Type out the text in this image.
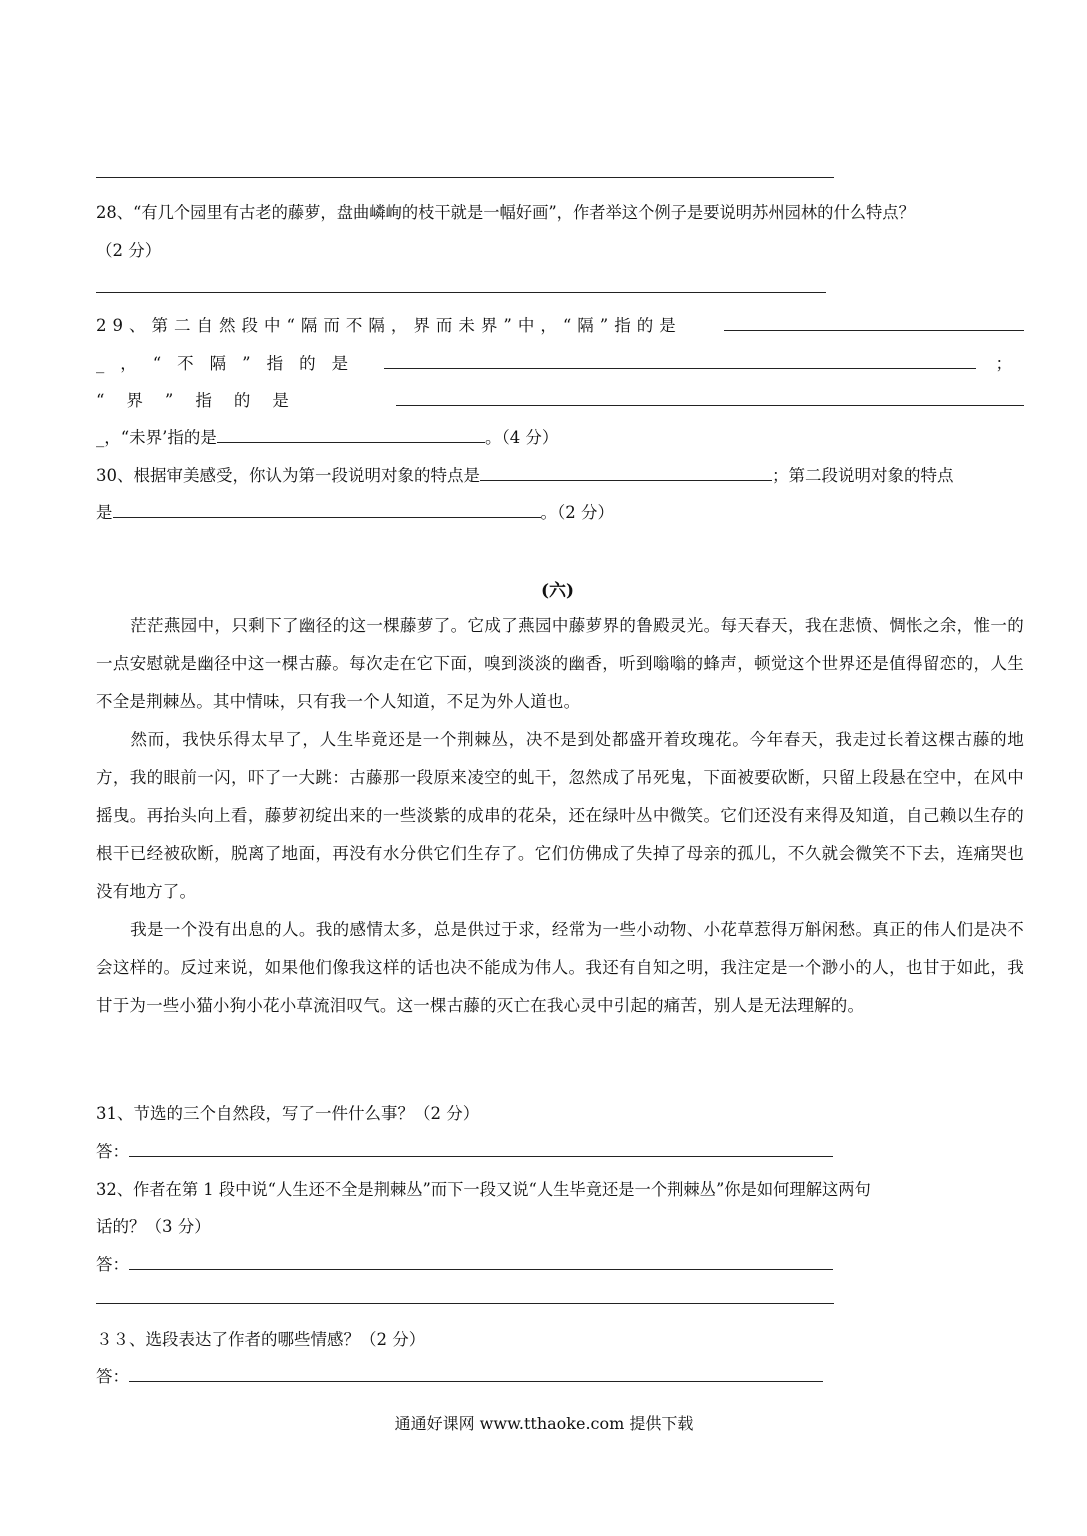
28、“有几个园里有古老的藤萝，盘曲嶙峋的枝干就是一幅好画”，作者举这个例子是要说明苏州园林的什么特点？
（2 分）
29、第二自然段中“隔而不隔，界而未界”中，“隔”指的是
_，“不隔”指的是	；
“界”指的是
_，“未界’指的是	。（4 分）
30、根据审美感受，你认为第一段说明对象的特点是	；第二段说明对象的特点
是	。（2 分）
(六)
茫茫燕园中，只剩下了幽径的这一棵藤萝了。它成了燕园中藤萝界的鲁殿灵光。每天春天，我在悲愤、惆怅之余，惟一的一点安慰就是幽径中这一棵古藤。每次走在它下面，嗅到淡淡的幽香，听到嗡嗡的蜂声，顿觉这个世界还是值得留恋的，人生不全是荆棘丛。其中情味，只有我一个人知道，不足为外人道也。
然而，我快乐得太早了，人生毕竟还是一个荆棘丛，决不是到处都盛开着玫瑰花。今年春天，我走过长着这棵古藤的地方，我的眼前一闪，吓了一大跳：古藤那一段原来凌空的虬干，忽然成了吊死鬼，下面被要砍断，只留上段悬在空中，在风中摇曳。再抬头向上看，藤萝初绽出来的一些淡紫的成串的花朵，还在绿叶丛中微笑。它们还没有来得及知道，自己赖以生存的根干已经被砍断，脱离了地面，再没有水分供它们生存了。它们仿佛成了失掉了母亲的孤儿，不久就会微笑不下去，连痛哭也没有地方了。
我是一个没有出息的人。我的感情太多，总是供过于求，经常为一些小动物、小花草惹得万斛闲愁。真正的伟人们是决不会这样的。反过来说，如果他们像我这样的话也决不能成为伟人。我还有自知之明，我注定是一个渺小的人，也甘于如此，我甘于为一些小猫小狗小花小草流泪叹气。这一棵古藤的灭亡在我心灵中引起的痛苦，别人是无法理解的。
31、节选的三个自然段，写了一件什么事？（2 分）
答：
32、作者在第 1 段中说“人生还不全是荆棘丛”而下一段又说“人生毕竟还是一个荆棘丛”你是如何理解这两句
话的？（3 分）
答：
３３、选段表达了作者的哪些情感？（2 分）
答：
通通好课网 www.tthaoke.com 提供下载
